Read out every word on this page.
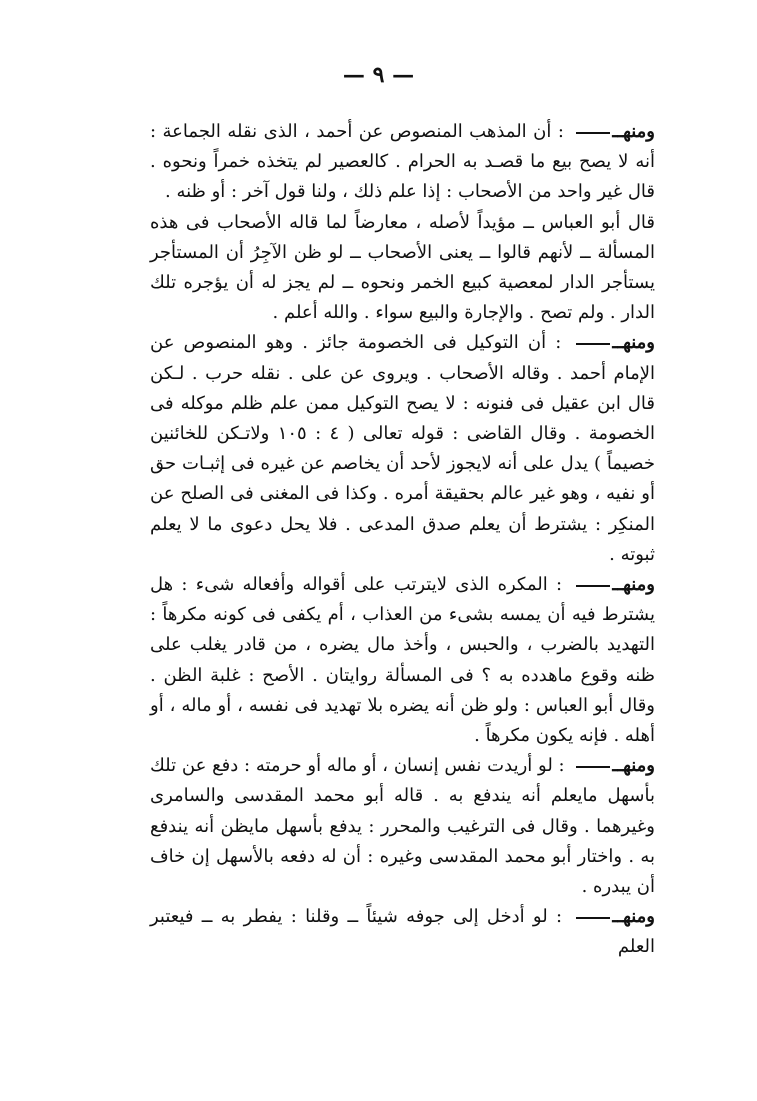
— ٩ —

ومنهــ : أن المذهب المنصوص عن أحمد ، الذى نقله الجماعة : أنه لا يصح بيع ما قصـد به الحرام . كالعصير لم يتخذه خمراً ونحوه . قال غير واحد من الأصحاب : إذا علم ذلك ، ولنا قول آخر : أو ظنه .

قال أبو العباس ــ مؤيداً لأصله ، معارضاً لما قاله الأصحاب فى هذه المسألة ــ لأنهم قالوا ــ يعنى الأصحاب ــ لو ظن الآجِرُ أن المستأجر يستأجر الدار لمعصية كبيع الخمر ونحوه ــ لم يجز له أن يؤجره تلك الدار . ولم تصح . والإجارة والبيع سواء . والله أعلم .

ومنهــ : أن التوكيل فى الخصومة جائز . وهو المنصوص عن الإمام أحمد . وقاله الأصحاب . ويروى عن على . نقله حرب . لـكن قال ابن عقيل فى فنونه : لا يصح التوكيل ممن علم ظلم موكله فى الخصومة . وقال القاضى : قوله تعالى ( ٤ : ١٠٥ ولاتـكن للخائنين خصيماً ) يدل على أنه لايجوز لأحد أن يخاصم عن غيره فى إثبـات حق أو نفيه ، وهو غير عالم بحقيقة أمره . وكذا فى المغنى فى الصلح عن المنكِر : يشترط أن يعلم صدق المدعى . فلا يحل دعوى ما لا يعلم ثبوته .

ومنهــ : المكره الذى لايترتب على أقواله وأفعاله شىء : هل يشترط فيه أن يمسه بشىء من العذاب ، أم يكفى فى كونه مكرهاً : التهديد بالضرب ، والحبس ، وأخذ مال يضره ، من قادر يغلب على ظنه وقوع ماهدده به ؟ فى المسألة روايتان . الأصح : غلبة الظن . وقال أبو العباس : ولو ظن أنه يضره بلا تهديد فى نفسه ، أو ماله ، أو أهله . فإنه يكون مكرهاً .

ومنهــ : لو أريدت نفس إنسان ، أو ماله أو حرمته : دفع عن تلك بأسهل مايعلم أنه يندفع به . قاله أبو محمد المقدسى والسامرى وغيرهما . وقال فى الترغيب والمحرر : يدفع بأسهل مايظن أنه يندفع به . واختار أبو محمد المقدسى وغيره : أن له دفعه بالأسهل إن خاف أن يبدره .

ومنهــ : لو أدخل إلى جوفه شيئاً ــ وقلنا : يفطر به ــ فيعتبر العلم
